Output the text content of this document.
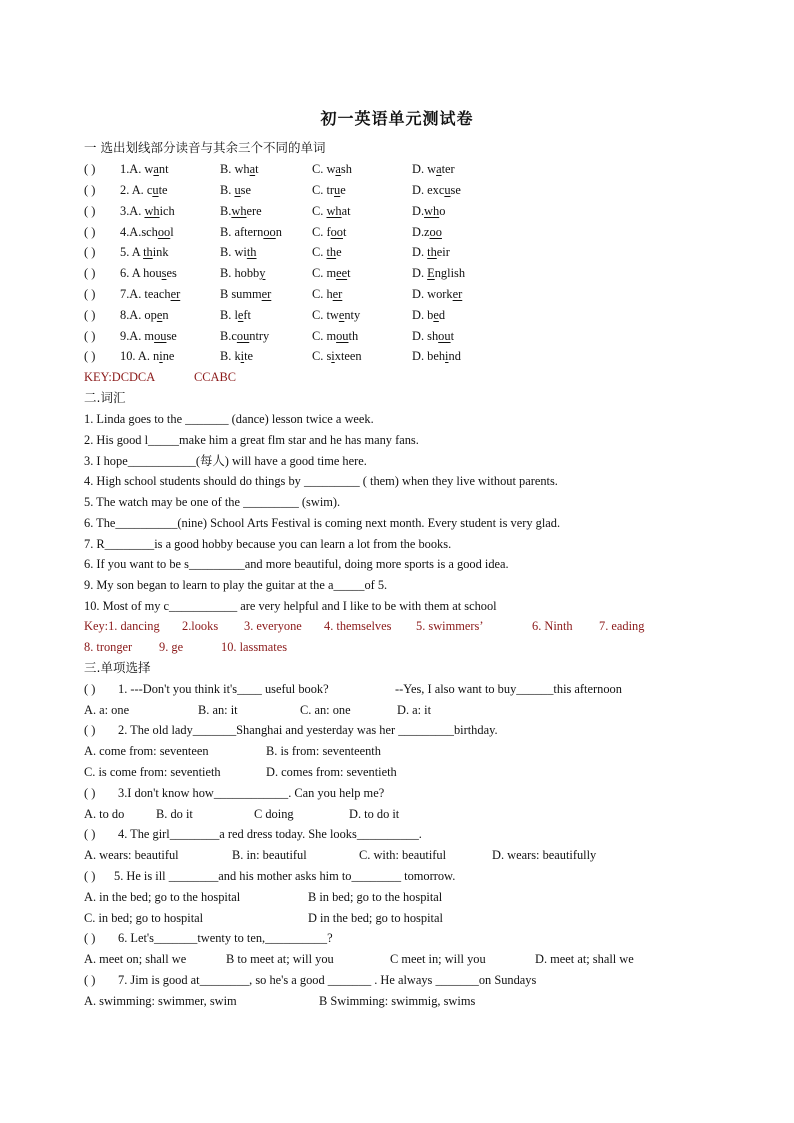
初一英语单元测试卷
一 选出划线部分读音与其余三个不同的单词
( ) 1.A. want	B. what	C. wash	D. water
( ) 2. A. cute	B. use	C. true	D. excuse
( ) 3.A. which	B.where	C. what	D.who
( ) 4.A.school	B. afternoon C. foot	D.zoo
( ) 5. A think	B. with	C. the	D. their
( ) 6. A houses	B. hobby	C. meet	D. English
( ) 7.A. teacher	B summer	C. her	D. worker
( ) 8.A. open	B. left	C. twenty	D. bed
( ) 9.A. mouse	B.country	C. mouth	D. shout
( ) 10. A. nine	B. kite	C. sixteen	D. behind
KEY:DCDCA	CCABC
二.词汇
1. Linda goes to the _______ (dance) lesson twice a week.
2. His good l_____make him a great flm star and he has many fans.
3. I hope___________(每人) will have a good time here.
4. High school students should do things by _________ ( them) when they live without parents.
5. The watch may be one of the _________ (swim).
6. The__________(nine) School Arts Festival is coming next month. Every student is very glad.
7. R________is a good hobby because you can learn a lot from the books.
6. If you want to be s_________and more beautiful, doing more sports is a good idea.
9. My son began to learn to play the guitar at the a_____of 5.
10. Most of my c___________ are very helpful and I like to be with them at school
Key:1. dancing 2.looks 3. everyone 4. themselves 5. swimmers’	6. Ninth 7. eading
8. tronger 9. ge	10. lassmates
三.单项选择
( ) 1. ---Don't you think it's____ useful book?	--Yes, I also want to buy______this afternoon
A. a: one	B. an: it	C. an: one	D. a: it
( ) 2. The old lady_______Shanghai and yesterday was her _________birthday.
A. come from: seventeen	B. is from: seventeenth
C. is come from: seventieth	D. comes from: seventieth
( ) 3.I don't know how____________. Can you help me?
A. to do	B. do it	C doing	D. to do it
( ) 4. The girl________a red dress today. She looks__________.
A. wears: beautiful	B. in: beautiful	C. with: beautiful	D. wears: beautifully
( ) 5. He is ill ________and his mother asks him to________ tomorrow.
A. in the bed; go to the hospital	B in bed; go to the hospital
C. in bed; go to hospital	D in the bed; go to hospital
( ) 6. Let's_______twenty to ten,__________?
A. meet on; shall we	B to meet at; will you	C meet in; will you	D. meet at; shall we
( ) 7. Jim is good at________, so he's a good _______ . He always _______on Sundays
A. swimming: swimmer, swim	B Swimming: swimmig, swims
